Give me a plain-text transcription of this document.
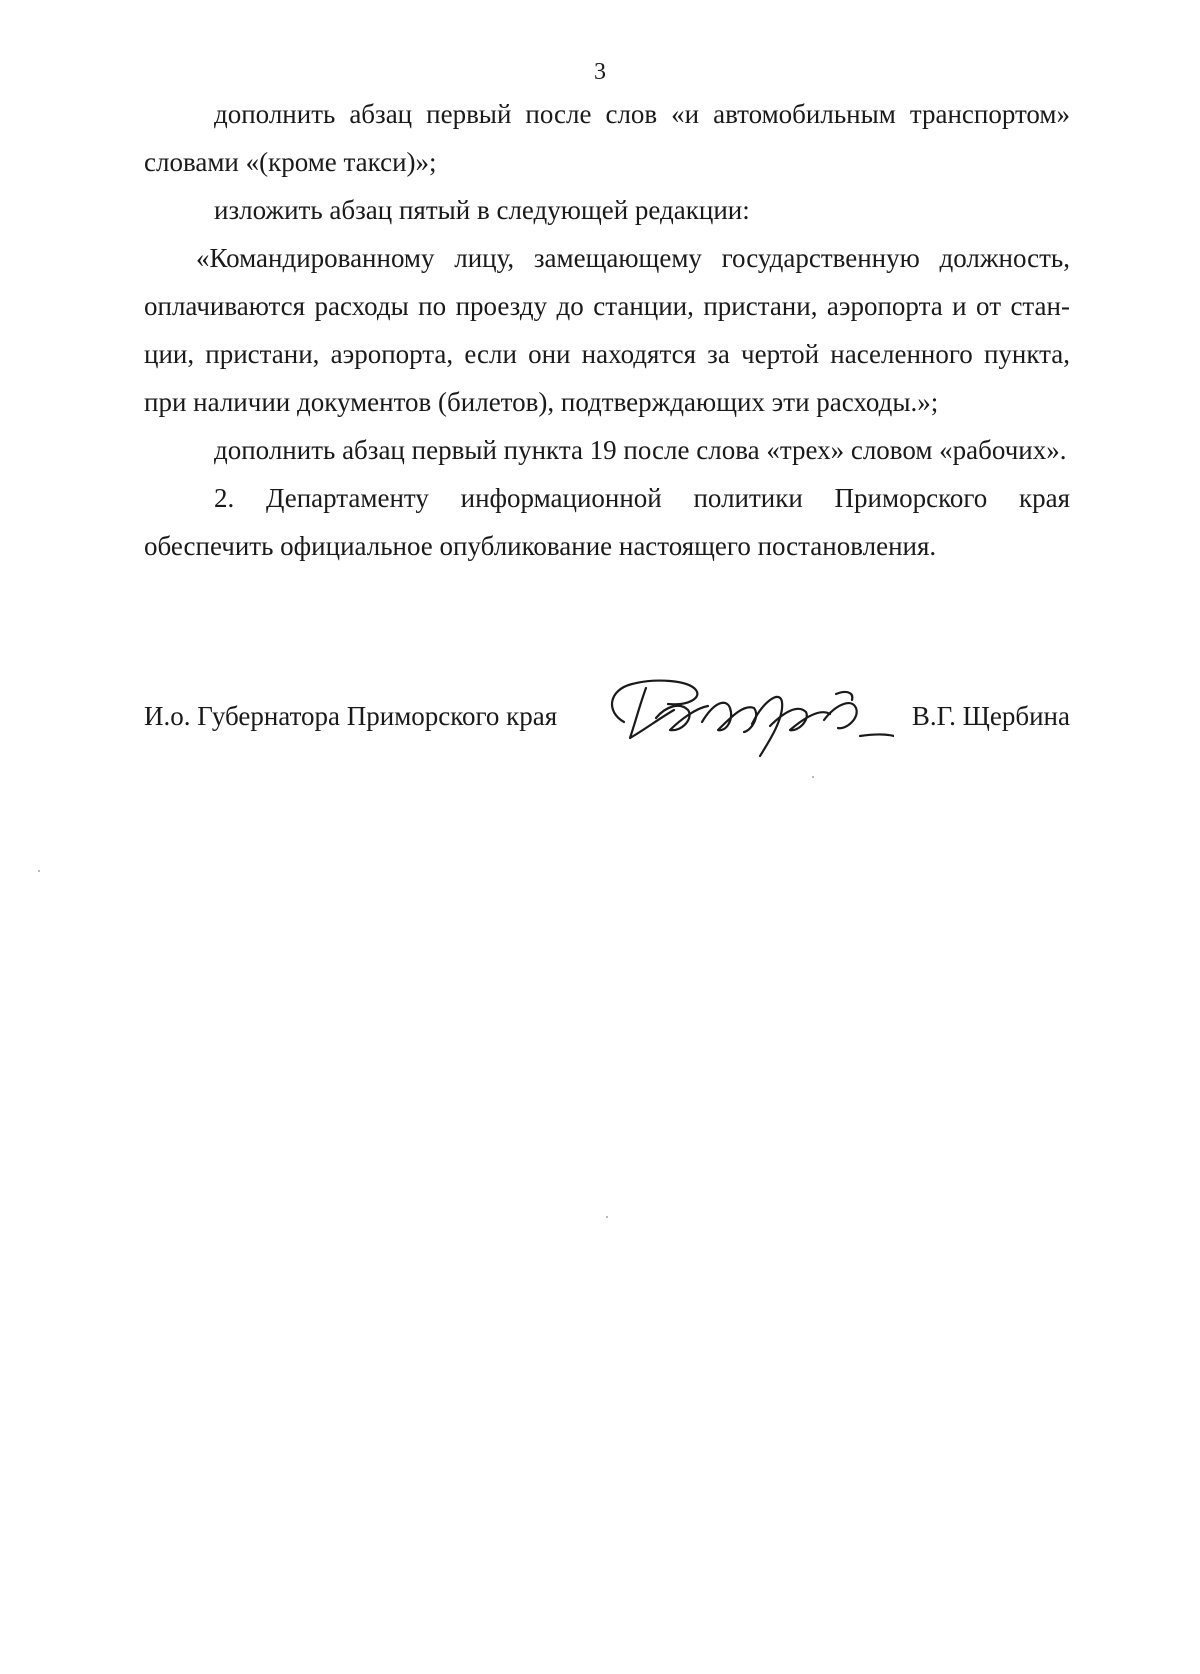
3

дополнить абзац первый после слов «и автомобильным транспортом» словами «(кроме такси)»;

изложить абзац пятый в следующей редакции:

«Командированному лицу, замещающему государственную должность, оплачиваются расходы по проезду до станции, пристани, аэропорта и от станции, пристани, аэропорта, если они находятся за чертой населенного пункта, при наличии документов (билетов), подтверждающих эти расходы.»;

дополнить абзац первый пункта 19 после слова «трех» словом «рабочих».

2. Департаменту информационной политики Приморского края обеспечить официальное опубликование настоящего постановления.

И.о. Губернатора Приморского края	В.Г. Щербина
